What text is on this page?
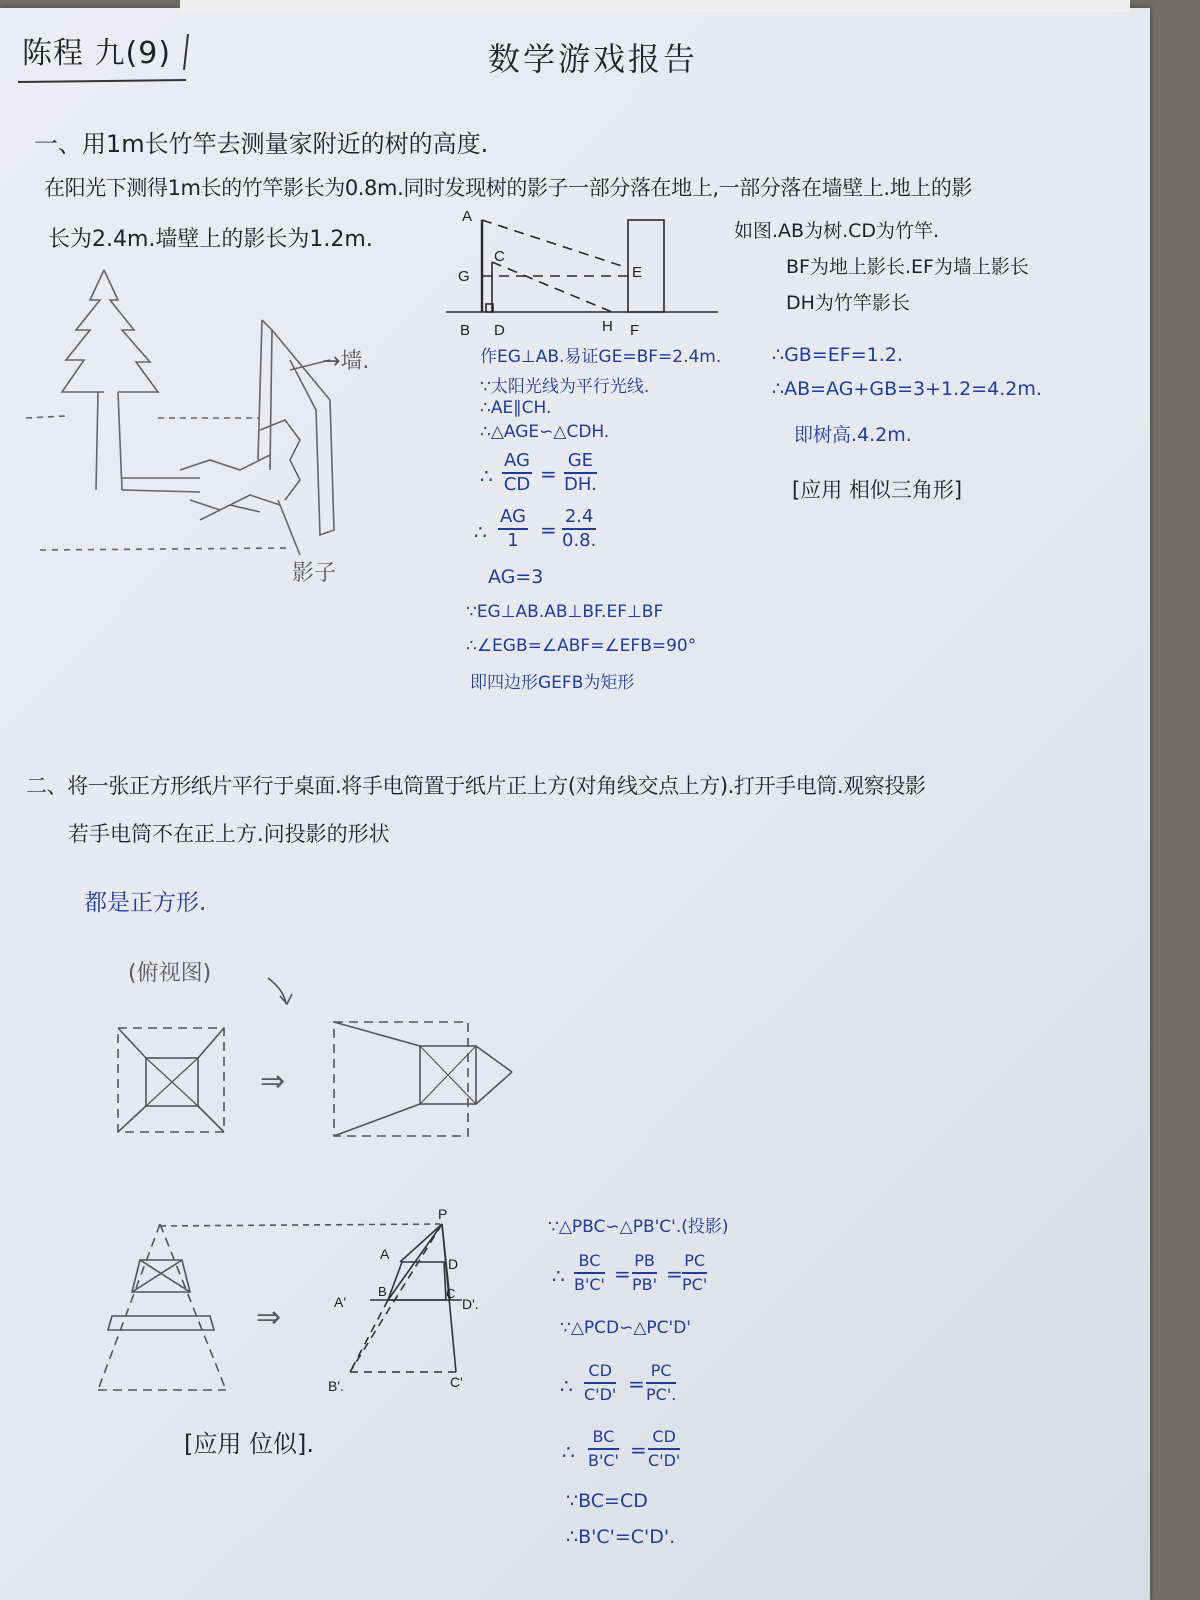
陈程 九(9)	数学游戏报告
一、用1m长竹竿去测量家附近的树的高度.
在阳光下测得1m长的竹竿影长为0.8m.同时发现树的影子一部分落在地上,一部分落在墙壁上.地上的影
长为2.4m.墙壁上的影长为1.2m.
→墙.
影子
A
C
G	E
B D	H F
如图.AB为树.CD为竹竿.
BF为地上影长.EF为墙上影长
DH为竹竿影长
作EG⊥AB.易证GE=BF=2.4m.
∵太阳光线为平行光线.
∴AE∥CH.
∴△AGE∽△CDH.
∴ $\frac{AG}{CD} = \frac{GE}{DH.}$
∴ $\frac{AG}{1} = \frac{2.4}{0.8.}$
AG=3
∵EG⊥AB.AB⊥BF.EF⊥BF
∴∠EGB=∠ABF=∠EFB=90°
即四边形GEFB为矩形
∴GB=EF=1.2.
∴AB=AG+GB=3+1.2=4.2m.
即树高.4.2m.
[应用 相似三角形]
二、将一张正方形纸片平行于桌面.将手电筒置于纸片正上方(对角线交点上方).打开手电筒.观察投影
若手电筒不在正上方.问投影的形状
都是正方形.
(俯视图)
⇒
⇒
P
A
D
B	C
A'	D'.
B'.	C'
[应用 位似].
∵△PBC∽△PB'C'.(投影)
∴ $\frac{BC}{B'C'} = \frac{PB}{PB'} = \frac{PC}{PC'}$
∵△PCD∽△PC'D'
∴ $\frac{CD}{C'D'} = \frac{PC}{PC'.}$
∴ $\frac{BC}{B'C'} = \frac{CD}{C'D'}$
∵BC=CD
∴B'C'=C'D'.
